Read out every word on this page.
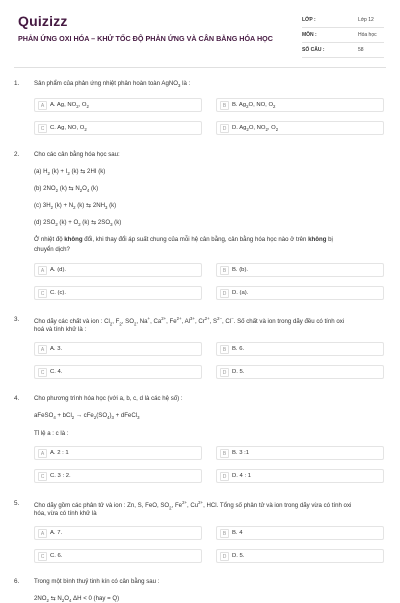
Quizizz
PHẢN ỨNG OXI HÓA – KHỬ TỐC ĐỘ PHẢN ỨNG VÀ CÂN BẰNG HÓA HỌC
LỚP :	Lớp 12
MÔN :	Hóa học
SỐ CÂU :	58
1. Sản phẩm của phản ứng nhiệt phân hoàn toàn AgNO$_3$ là :
A A. Ag, $NO_2$, $O_2$	B B. $Ag_2O$, NO, $O_2$
C C. Ag, NO, $O_2$	D D. $Ag_2O$, $NO_2$, $O_2$
2. Cho các cân bằng hóa học sau:
(a) $H_2$ $(k) + I_2$ (k) ⇆ 2HI (k)
(b) $2NO_2$ (k) ⇆ $N_2O_4$ (k)
(c) $3H_2$ $(k) + N_2$ (k) ⇆ $2NH_3$ (k)
(d) $2SO_2$ $(k) + O_2$ (k) ⇆ $2SO_3$ (k)
Ở nhiệt độ không đổi, khi thay đổi áp suất chung của mỗi hệ cân bằng, cân bằng hóa học nào ở trên không bị
chuyển dịch?
A A. (d).	B B. (b).
C C. (c).	D D. (a).
3. Cho dãy các chất và ion : $Cl_2$, $F_2$, $SO_2$, Na+, $Ca^{2+}$, $Fe^{2+}$, $Al^{3+}$, $Cr^{2+}$, $S^{2-}$, Cl−. Số chất và ion trong dãy đều có tính oxi
hoá và tính khử là :
A A. 3.	B B. 6.
C C. 4.	D D. 5.
4. Cho phương trình hóa học (với a, b, c, d là các hệ số) :
aFeSO$_4$ + $bCl_2 \to cFe_2(SO_4)_3$ + dFeCl$_3$
Tỉ lệ a : c là :
A A. 2 : 1	B B. 3 :1
C C. 3 : 2.	D D. 4 : 1
5. Cho dãy gồm các phân tử và ion : Zn, S, FeO, $SO_2$, $Fe^{2+}$, $Cu^{2+}$, HCl. Tổng số phân tử và ion trong dãy vừa có tính oxi
hóa, vừa có tính khử là
A A. 7.	B B. 4
C C. 6.	D D. 5.
6. Trong một bình thuỷ tinh kín có cân bằng sau :
$2NO_2$ ⇆ $N_2O_4$ ΔH < 0 (hay = Q)
